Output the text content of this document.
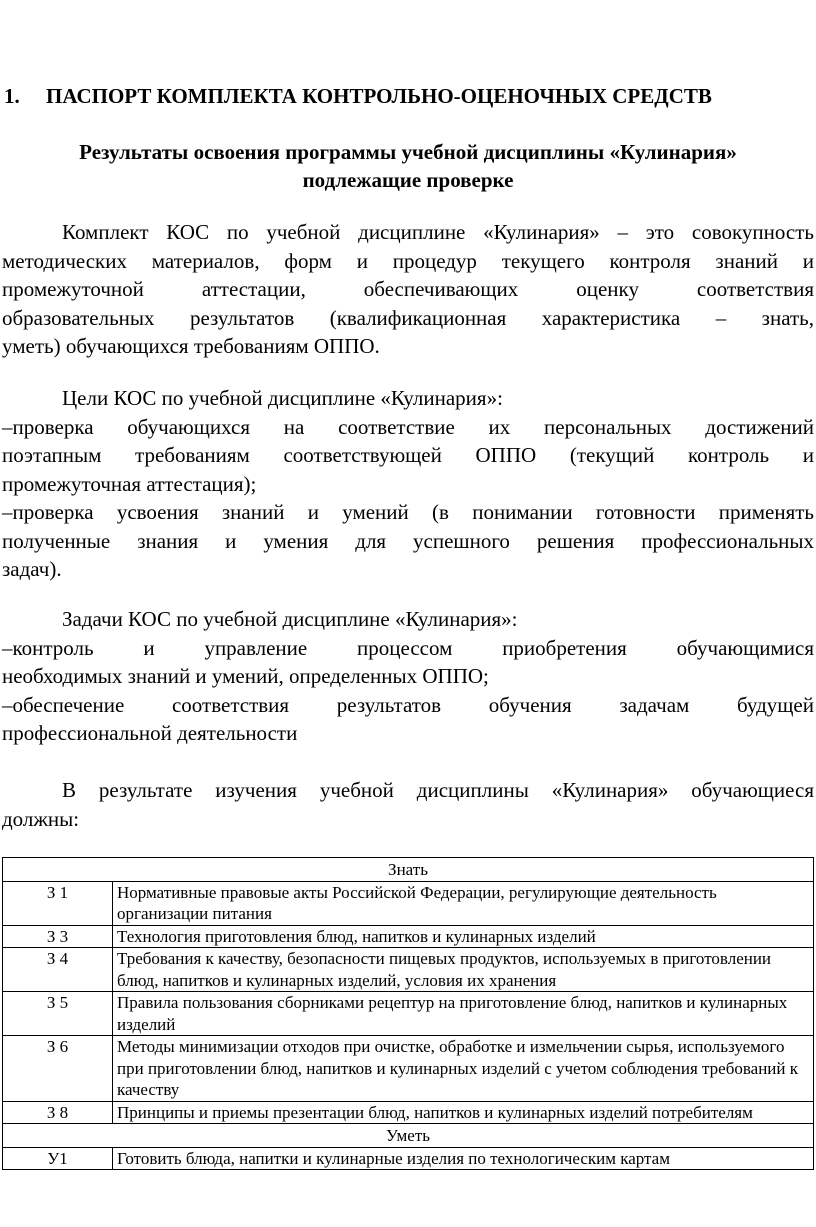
1. ПАСПОРТ КОМПЛЕКТА КОНТРОЛЬНО-ОЦЕНОЧНЫХ СРЕДСТВ
Результаты освоения программы учебной дисциплины «Кулинария»
подлежащие проверке
Комплект КОС по учебной дисциплине «Кулинария» – это совокупность
методических материалов, форм и процедур текущего контроля знаний и
промежуточной аттестации, обеспечивающих оценку соответствия
образовательных результатов (квалификационная характеристика – знать,
уметь) обучающихся требованиям ОППО.
Цели КОС по учебной дисциплине «Кулинария»:
–проверка обучающихся на соответствие их персональных достижений
поэтапным требованиям соответствующей ОППО (текущий контроль и
промежуточная аттестация);
–проверка усвоения знаний и умений (в понимании готовности применять
полученные знания и умения для успешного решения профессиональных
задач).
Задачи КОС по учебной дисциплине «Кулинария»:
–контроль и управление процессом приобретения обучающимися
необходимых знаний и умений, определенных ОППО;
–обеспечение соответствия результатов обучения задачам будущей
профессиональной деятельности
В результате изучения учебной дисциплины «Кулинария» обучающиеся
должны:
Знать	
З 1	Нормативные правовые акты Российской Федерации, регулирующие деятельность организации питания
З 3	Технология приготовления блюд, напитков и кулинарных изделий
З 4	Требования к качеству, безопасности пищевых продуктов, используемых в приготовлении блюд, напитков и кулинарных изделий, условия их хранения
З 5	Правила пользования сборниками рецептур на приготовление блюд, напитков и кулинарных изделий
З 6	Методы минимизации отходов при очистке, обработке и измельчении сырья, используемого при приготовлении блюд, напитков и кулинарных изделий с учетом соблюдения требований к качеству
З 8	Принципы и приемы презентации блюд, напитков и кулинарных изделий потребителям
Уметь	
У1	Готовить блюда, напитки и кулинарные изделия по технологическим картам
